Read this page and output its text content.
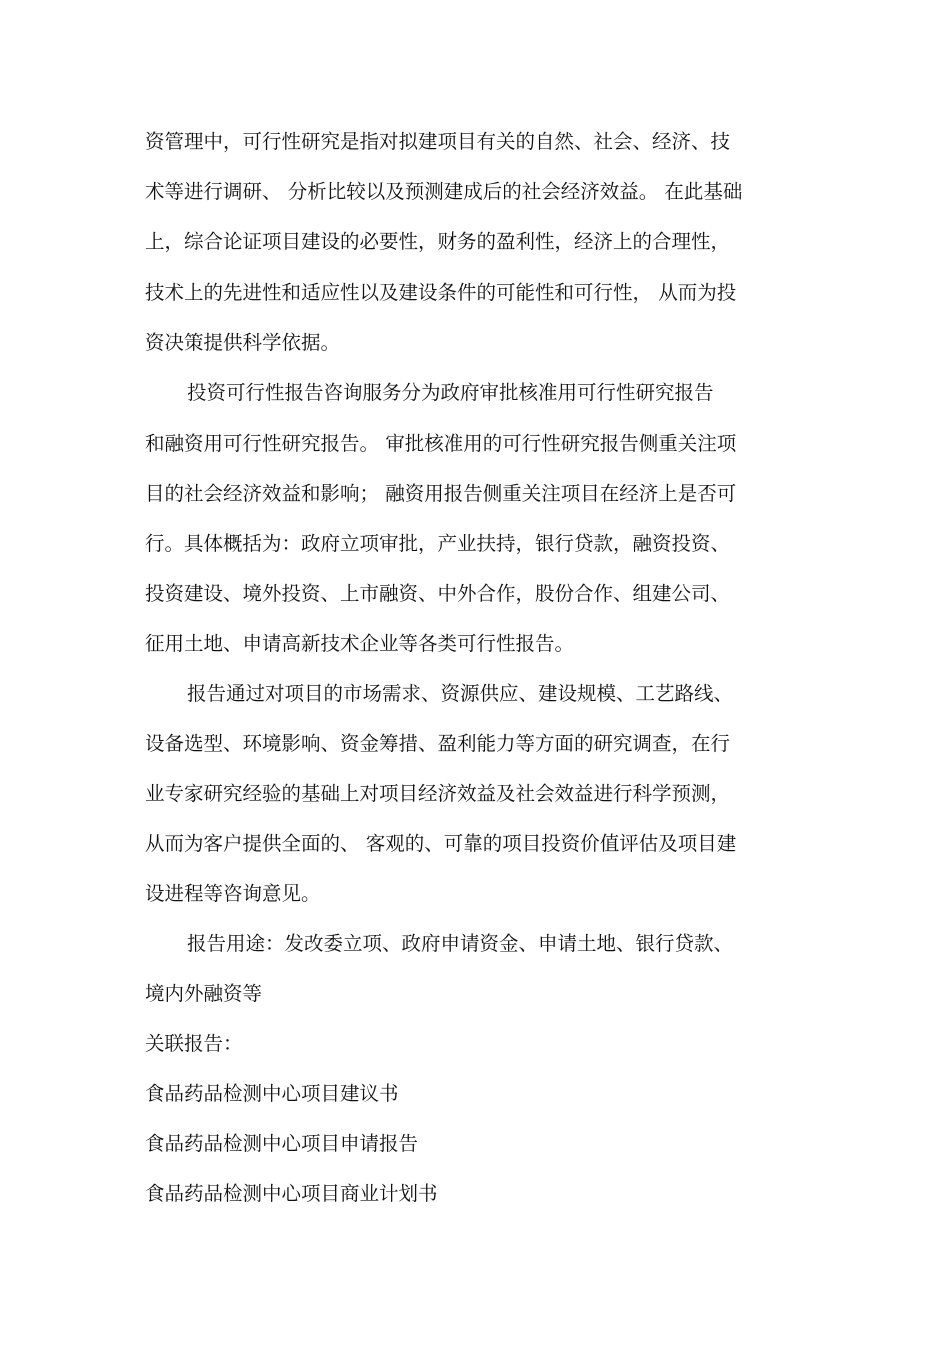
资管理中，可行性研究是指对拟建项目有关的自然、社会、经济、技
术等进行调研、 分析比较以及预测建成后的社会经济效益。 在此基础
上，综合论证项目建设的必要性，财务的盈利性，经济上的合理性，
技术上的先进性和适应性以及建设条件的可能性和可行性， 从而为投
资决策提供科学依据。
投资可行性报告咨询服务分为政府审批核准用可行性研究报告
和融资用可行性研究报告。 审批核准用的可行性研究报告侧重关注项
目的社会经济效益和影响； 融资用报告侧重关注项目在经济上是否可
行。具体概括为：政府立项审批，产业扶持，银行贷款，融资投资、
投资建设、境外投资、上市融资、中外合作，股份合作、组建公司、
征用土地、申请高新技术企业等各类可行性报告。
报告通过对项目的市场需求、资源供应、建设规模、工艺路线、
设备选型、环境影响、资金筹措、盈利能力等方面的研究调查，在行
业专家研究经验的基础上对项目经济效益及社会效益进行科学预测，
从而为客户提供全面的、 客观的、可靠的项目投资价值评估及项目建
设进程等咨询意见。
报告用途：发改委立项、政府申请资金、申请土地、银行贷款、
境内外融资等
关联报告：
食品药品检测中心项目建议书
食品药品检测中心项目申请报告
食品药品检测中心项目商业计划书
